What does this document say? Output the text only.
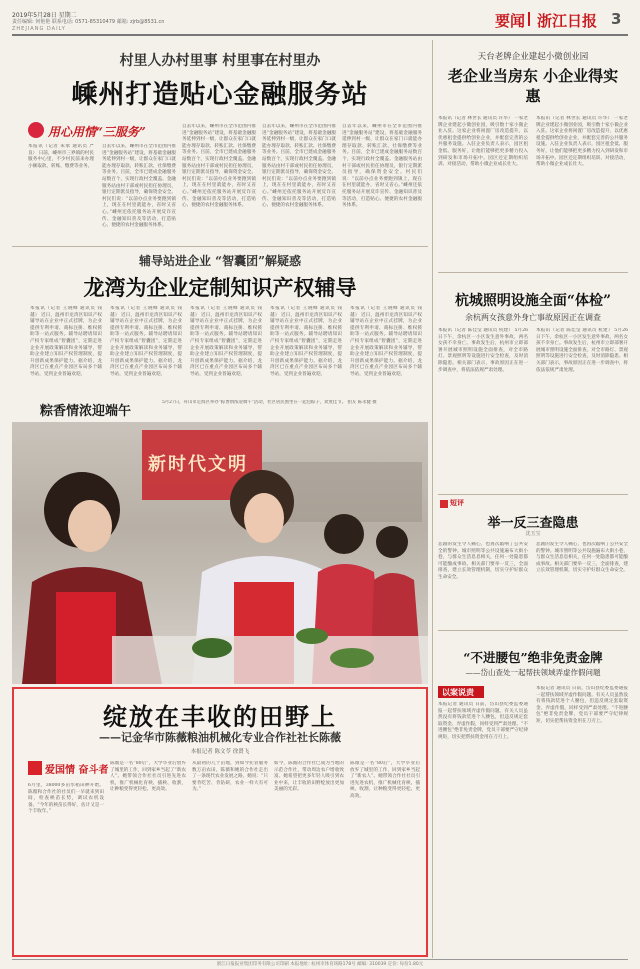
2019年5月28日 星期二
责任编辑: 何艳艳 联系电话: 0571-85310479 邮箱: zjrb@8531.cn
ZHEJIANG DAILY	要闻 浙江日报 3
村里人办村里事 村里事在村里办
嵊州打造贴心金融服务站
用心用情“三服务”
本报讯（记者 朱承 通讯员 严良） 日前，嵊州市三界镇的村民服务中心里，不少村民前来办理小额取款、转账、缴费等业务。
自去年以来，嵊州市在全市范围内推进“金融服务站”建设，将基础金融服务延伸到村一级，让群众在家门口就能办理存取款、转账汇款、社保缴费等业务。目前，全市已建成金融服务站数百个，实现行政村全覆盖。金融服务站由村干部或村民担任协理员，银行定期派员指导，确保资金安全。村民们说：“以前办点业务要跑到镇上，现在在村里就能办，省时又省心。”嵊州还依托服务站开展反诈宣传、金融知识普及等活动，打造贴心、便捷的农村金融服务体系。
自去年以来，嵊州市在全市范围内推进“金融服务站”建设，将基础金融服务延伸到村一级，让群众在家门口就能办理存取款、转账汇款、社保缴费等业务。目前，全市已建成金融服务站数百个，实现行政村全覆盖。金融服务站由村干部或村民担任协理员，银行定期派员指导，确保资金安全。村民们说：“以前办点业务要跑到镇上，现在在村里就能办，省时又省心。”嵊州还依托服务站开展反诈宣传、金融知识普及等活动，打造贴心、便捷的农村金融服务体系。
自去年以来，嵊州市在全市范围内推进“金融服务站”建设，将基础金融服务延伸到村一级，让群众在家门口就能办理存取款、转账汇款、社保缴费等业务。目前，全市已建成金融服务站数百个，实现行政村全覆盖。金融服务站由村干部或村民担任协理员，银行定期派员指导，确保资金安全。村民们说：“以前办点业务要跑到镇上，现在在村里就能办，省时又省心。”嵊州还依托服务站开展反诈宣传、金融知识普及等活动，打造贴心、便捷的农村金融服务体系。
自去年以来，嵊州市在全市范围内推进“金融服务站”建设，将基础金融服务延伸到村一级，让群众在家门口就能办理存取款、转账汇款、社保缴费等业务。目前，全市已建成金融服务站数百个，实现行政村全覆盖。金融服务站由村干部或村民担任协理员，银行定期派员指导，确保资金安全。村民们说：“以前办点业务要跑到镇上，现在在村里就能办，省时又省心。”嵊州还依托服务站开展反诈宣传、金融知识普及等活动，打造贴心、便捷的农村金融服务体系。
辅导站进企业 “智囊团”解疑惑
龙湾为企业定制知识产权辅导
本报讯（记者 王晓峰 通讯员 钱越） 近日，温州市龙湾区知识产权辅导站在企业中正式挂牌，为企业提供专利申请、商标注册、维权援助等一站式服务。辅导站聘请知识产权专家组成“智囊团”，定期走进企业开展政策解读和业务辅导，帮助企业建立知识产权管理制度，提升创新成果保护能力。据介绍，龙湾区已在重点产业园区布局多个辅导站，受到企业普遍欢迎。
本报讯（记者 王晓峰 通讯员 钱越） 近日，温州市龙湾区知识产权辅导站在企业中正式挂牌，为企业提供专利申请、商标注册、维权援助等一站式服务。辅导站聘请知识产权专家组成“智囊团”，定期走进企业开展政策解读和业务辅导，帮助企业建立知识产权管理制度，提升创新成果保护能力。据介绍，龙湾区已在重点产业园区布局多个辅导站，受到企业普遍欢迎。
本报讯（记者 王晓峰 通讯员 钱越） 近日，温州市龙湾区知识产权辅导站在企业中正式挂牌，为企业提供专利申请、商标注册、维权援助等一站式服务。辅导站聘请知识产权专家组成“智囊团”，定期走进企业开展政策解读和业务辅导，帮助企业建立知识产权管理制度，提升创新成果保护能力。据介绍，龙湾区已在重点产业园区布局多个辅导站，受到企业普遍欢迎。
本报讯（记者 王晓峰 通讯员 钱越） 近日，温州市龙湾区知识产权辅导站在企业中正式挂牌，为企业提供专利申请、商标注册、维权援助等一站式服务。辅导站聘请知识产权专家组成“智囊团”，定期走进企业开展政策解读和业务辅导，帮助企业建立知识产权管理制度，提升创新成果保护能力。据介绍，龙湾区已在重点产业园区布局多个辅导站，受到企业普遍欢迎。
本报讯（记者 王晓峰 通讯员 钱越） 近日，温州市龙湾区知识产权辅导站在企业中正式挂牌，为企业提供专利申请、商标注册、维权援助等一站式服务。辅导站聘请知识产权专家组成“智囊团”，定期走进企业开展政策解读和业务辅导，帮助企业建立知识产权管理制度，提升创新成果保护能力。据介绍，龙湾区已在重点产业园区布局多个辅导站，受到企业普遍欢迎。
粽香情浓迎端午
5月27日，舟山市定海区举办“粽香情浓迎端午”活动，社区居民围坐在一起包粽子，欢度佳节。 拍友 陈永健 摄
新时代文明
绽放在丰收的田野上
——记金华市陈薇粮油机械化专业合作社社长陈薇
本报记者 陈文苓 徐贤飞
爱国情 奋斗者
6月里，38000多亩水稻田种开始。陈薇和合作社的社员们一早就来到田间，检查秧苗长势，调试农机设备。“今年的秧苗长得好，估计又是一个丰收年。”
陈薇是一名“80后”，大学毕业后放弃了城里的工作，回到家乡当起了“新农人”。她带领合作社社员引进先进农机，推广机械化育秧、插秧、收割，让种粮变得更轻松、更高效。
从最初的几十亩地，到如今托管服务数万亩农田，陈薇和她的合作社走出了一条现代农业发展之路。她说：“只要肯吃苦、肯钻研，农业一样大有可为。”
如今，陈薇的合作社已成为当地的示范合作社，带动周边农户增收致富。她希望把更多年轻人吸引到农业中来，让丰收的田野绽放出更加美丽的光彩。
陈薇是一名“80后”，大学毕业后放弃了城里的工作，回到家乡当起了“新农人”。她带领合作社社员引进先进农机，推广机械化育秧、插秧、收割，让种粮变得更轻松、更高效。
天台老牌企业建起小微创业园
老企业当房东 小企业得实惠
本报讯（记者 林世长 通讯员 许华） 一家老牌企业建起小微创业园，吸引数十家小微企业入驻。这家企业将闲置厂房改造提升，以优惠租金提供给创业企业，并配套完善的公共服务设施。入驻企业负责人表示，园区租金低、服务好，让他们能够把更多精力投入到研发和市场开拓中。园区还定期组织培训、对接活动，帮助小微企业成长壮大。
本报讯（记者 林世长 通讯员 许华） 一家老牌企业建起小微创业园，吸引数十家小微企业入驻。这家企业将闲置厂房改造提升，以优惠租金提供给创业企业，并配套完善的公共服务设施。入驻企业负责人表示，园区租金低、服务好，让他们能够把更多精力投入到研发和市场开拓中。园区还定期组织培训、对接活动，帮助小微企业成长壮大。
杭城照明设施全面“体检”
余杭两女孩意外身亡事故原因正在调查
本报讯（记者 陈佳莹 通讯员 杭建） 5月26日下午，余杭区一小区发生意外事故，两名女孩不幸身亡。事故发生后，杭州市立即部署开展城市照明设施全面排查，对全市路灯、景观照明等设施进行安全检查，及时消除隐患。相关部门表示，事故原因正在进一步调查中，将依法依规严肃处理。
本报讯（记者 陈佳莹 通讯员 杭建） 5月26日下午，余杭区一小区发生意外事故，两名女孩不幸身亡。事故发生后，杭州市立即部署开展城市照明设施全面排查，对全市路灯、景观照明等设施进行安全检查，及时消除隐患。相关部门表示，事故原因正在进一步调查中，将依法依规严肃处理。
短评
举一反三查隐患
沈玉宝
悲剧的发生令人痛心，也再次敲响了公共安全的警钟。城市照明等公共设施遍布大街小巷，与群众生活息息相关，任何一处隐患都可能酿成事故。相关部门要举一反三，全面排查，建立长效管理机制，切实守护好群众生命安全。
悲剧的发生令人痛心，也再次敲响了公共安全的警钟。城市照明等公共设施遍布大街小巷，与群众生活息息相关，任何一处隐患都可能酿成事故。相关部门要举一反三，全面排查，建立长效管理机制，切实守护好群众生命安全。
“不进腰包”绝非免责金牌
——岱山查处一起帮扶领域弄虚作假问题
以案说责
本报记者 通讯员 日前，岱山县纪委监委通报一起帮扶领域弄虚作假问题。有关人员虽然没有将钱款装进个人腰包，但违反规定套取资金、弄虚作假，同样受到严肃处理。“不进腰包”绝非免责金牌，党员干部要严守纪律规矩，切实把帮扶资金用在刀刃上。
本报记者 通讯员 日前，岱山县纪委监委通报一起帮扶领域弄虚作假问题。有关人员虽然没有将钱款装进个人腰包，但违反规定套取资金、弄虚作假，同样受到严肃处理。“不进腰包”绝非免责金牌，党员干部要严守纪律规矩，切实把帮扶资金用在刀刃上。
浙江日报报业集团印务有限公司印刷 本报地址: 杭州市体育场路178号 邮编: 310039 定价: 每份1.80元
